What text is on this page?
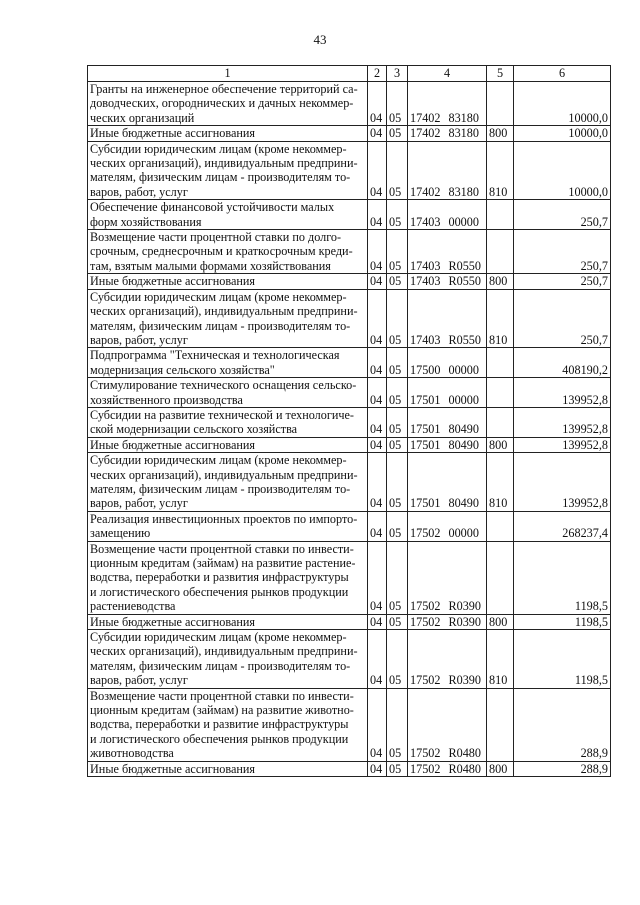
43
1	2	3	4	5	6
Гранты на инженерное обеспечение территорий са-
доводческих, огороднических и дачных некоммер-
ческих организаций	04	05	17402 83180		10000,0
Иные бюджетные ассигнования	04	05	17402 83180	800	10000,0
Субсидии юридическим лицам (кроме некоммер-
ческих организаций), индивидуальным предприни-
мателям, физическим лицам - производителям то-
варов, работ, услуг	04	05	17402 83180	810	10000,0
Обеспечение финансовой устойчивости малых
форм хозяйствования	04	05	17403 00000		250,7
Возмещение части процентной ставки по долго-
срочным, среднесрочным и краткосрочным креди-
там, взятым малыми формами хозяйствования	04	05	17403 R0550		250,7
Иные бюджетные ассигнования	04	05	17403 R0550	800	250,7
Субсидии юридическим лицам (кроме некоммер-
ческих организаций), индивидуальным предприни-
мателям, физическим лицам - производителям то-
варов, работ, услуг	04	05	17403 R0550	810	250,7
Подпрограмма "Техническая и технологическая
модернизация сельского хозяйства"	04	05	17500 00000		408190,2
Стимулирование технического оснащения сельско-
хозяйственного производства	04	05	17501 00000		139952,8
Субсидии на развитие технической и технологиче-
ской модернизации сельского хозяйства	04	05	17501 80490		139952,8
Иные бюджетные ассигнования	04	05	17501 80490	800	139952,8
Субсидии юридическим лицам (кроме некоммер-
ческих организаций), индивидуальным предприни-
мателям, физическим лицам - производителям то-
варов, работ, услуг	04	05	17501 80490	810	139952,8
Реализация инвестиционных проектов по импорто-
замещению	04	05	17502 00000		268237,4
Возмещение части процентной ставки по инвести-
ционным кредитам (займам) на развитие растение-
водства, переработки и развития инфраструктуры
и логистического обеспечения рынков продукции
растениеводства	04	05	17502 R0390		1198,5
Иные бюджетные ассигнования	04	05	17502 R0390	800	1198,5
Субсидии юридическим лицам (кроме некоммер-
ческих организаций), индивидуальным предприни-
мателям, физическим лицам - производителям то-
варов, работ, услуг	04	05	17502 R0390	810	1198,5
Возмещение части процентной ставки по инвести-
ционным кредитам (займам) на развитие животно-
водства, переработки и развитие инфраструктуры
и логистического обеспечения рынков продукции
животноводства	04	05	17502 R0480		288,9
Иные бюджетные ассигнования	04	05	17502 R0480	800	288,9
